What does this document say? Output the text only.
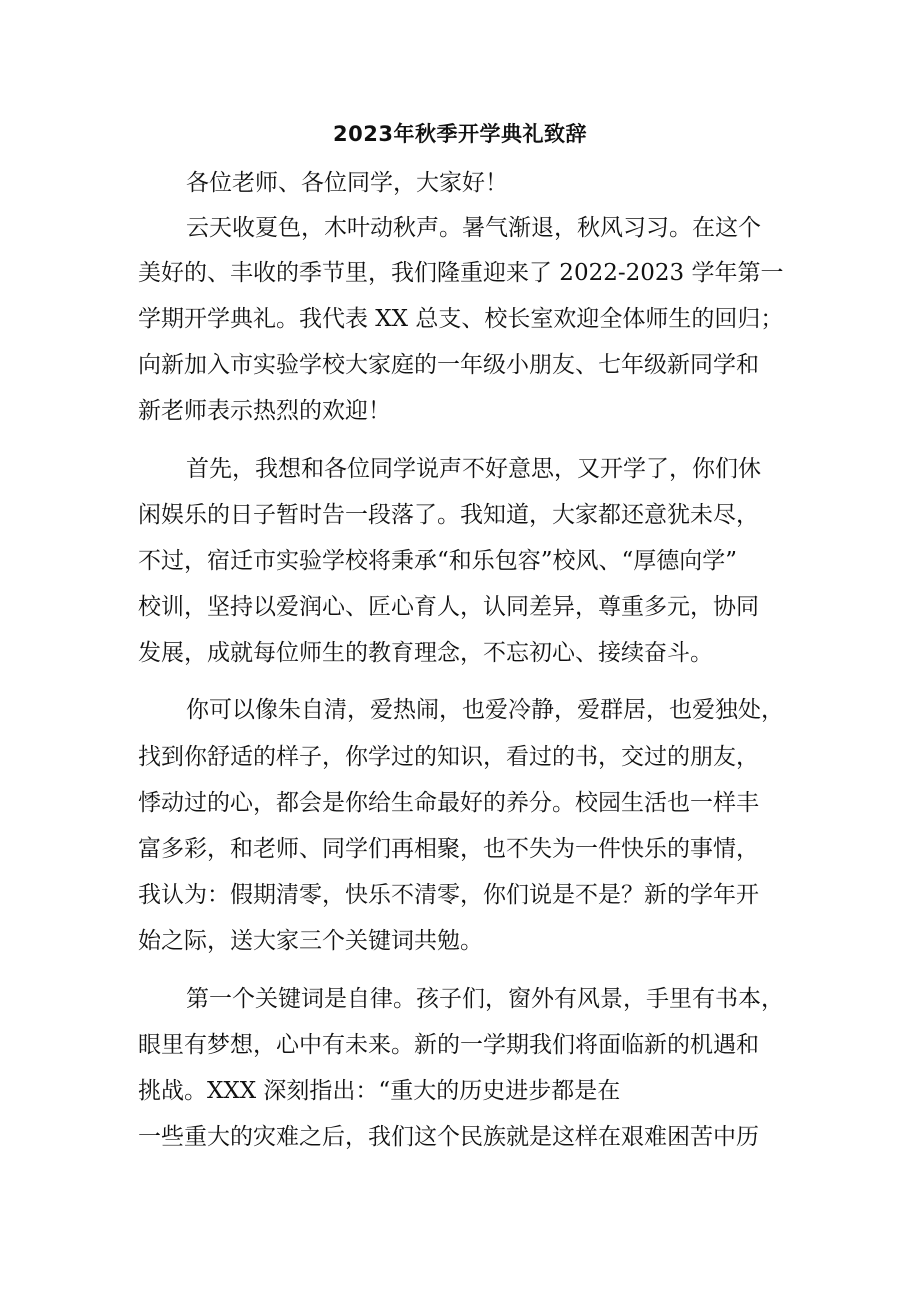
2023年秋季开学典礼致辞
各位老师、各位同学，大家好！
云天收夏色，木叶动秋声。暑气渐退，秋风习习。在这个
美好的、丰收的季节里，我们隆重迎来了 2022-2023 学年第一
学期开学典礼。我代表 XX 总支、校长室欢迎全体师生的回归；
向新加入市实验学校大家庭的一年级小朋友、七年级新同学和
新老师表示热烈的欢迎！
首先，我想和各位同学说声不好意思，又开学了，你们休
闲娱乐的日子暂时告一段落了。我知道，大家都还意犹未尽，
不过，宿迁市实验学校将秉承“和乐包容”校风、“厚德向学”
校训，坚持以爱润心、匠心育人，认同差异，尊重多元，协同
发展，成就每位师生的教育理念，不忘初心、接续奋斗。
你可以像朱自清，爱热闹，也爱冷静，爱群居，也爱独处，
找到你舒适的样子，你学过的知识，看过的书，交过的朋友，
悸动过的心，都会是你给生命最好的养分。校园生活也一样丰
富多彩，和老师、同学们再相聚，也不失为一件快乐的事情，
我认为：假期清零，快乐不清零，你们说是不是？新的学年开
始之际，送大家三个关键词共勉。
第一个关键词是自律。孩子们，窗外有风景，手里有书本，
眼里有梦想，心中有未来。新的一学期我们将面临新的机遇和
挑战。XXX 深刻指出：“重大的历史进步都是在
一些重大的灾难之后，我们这个民族就是这样在艰难困苦中历
